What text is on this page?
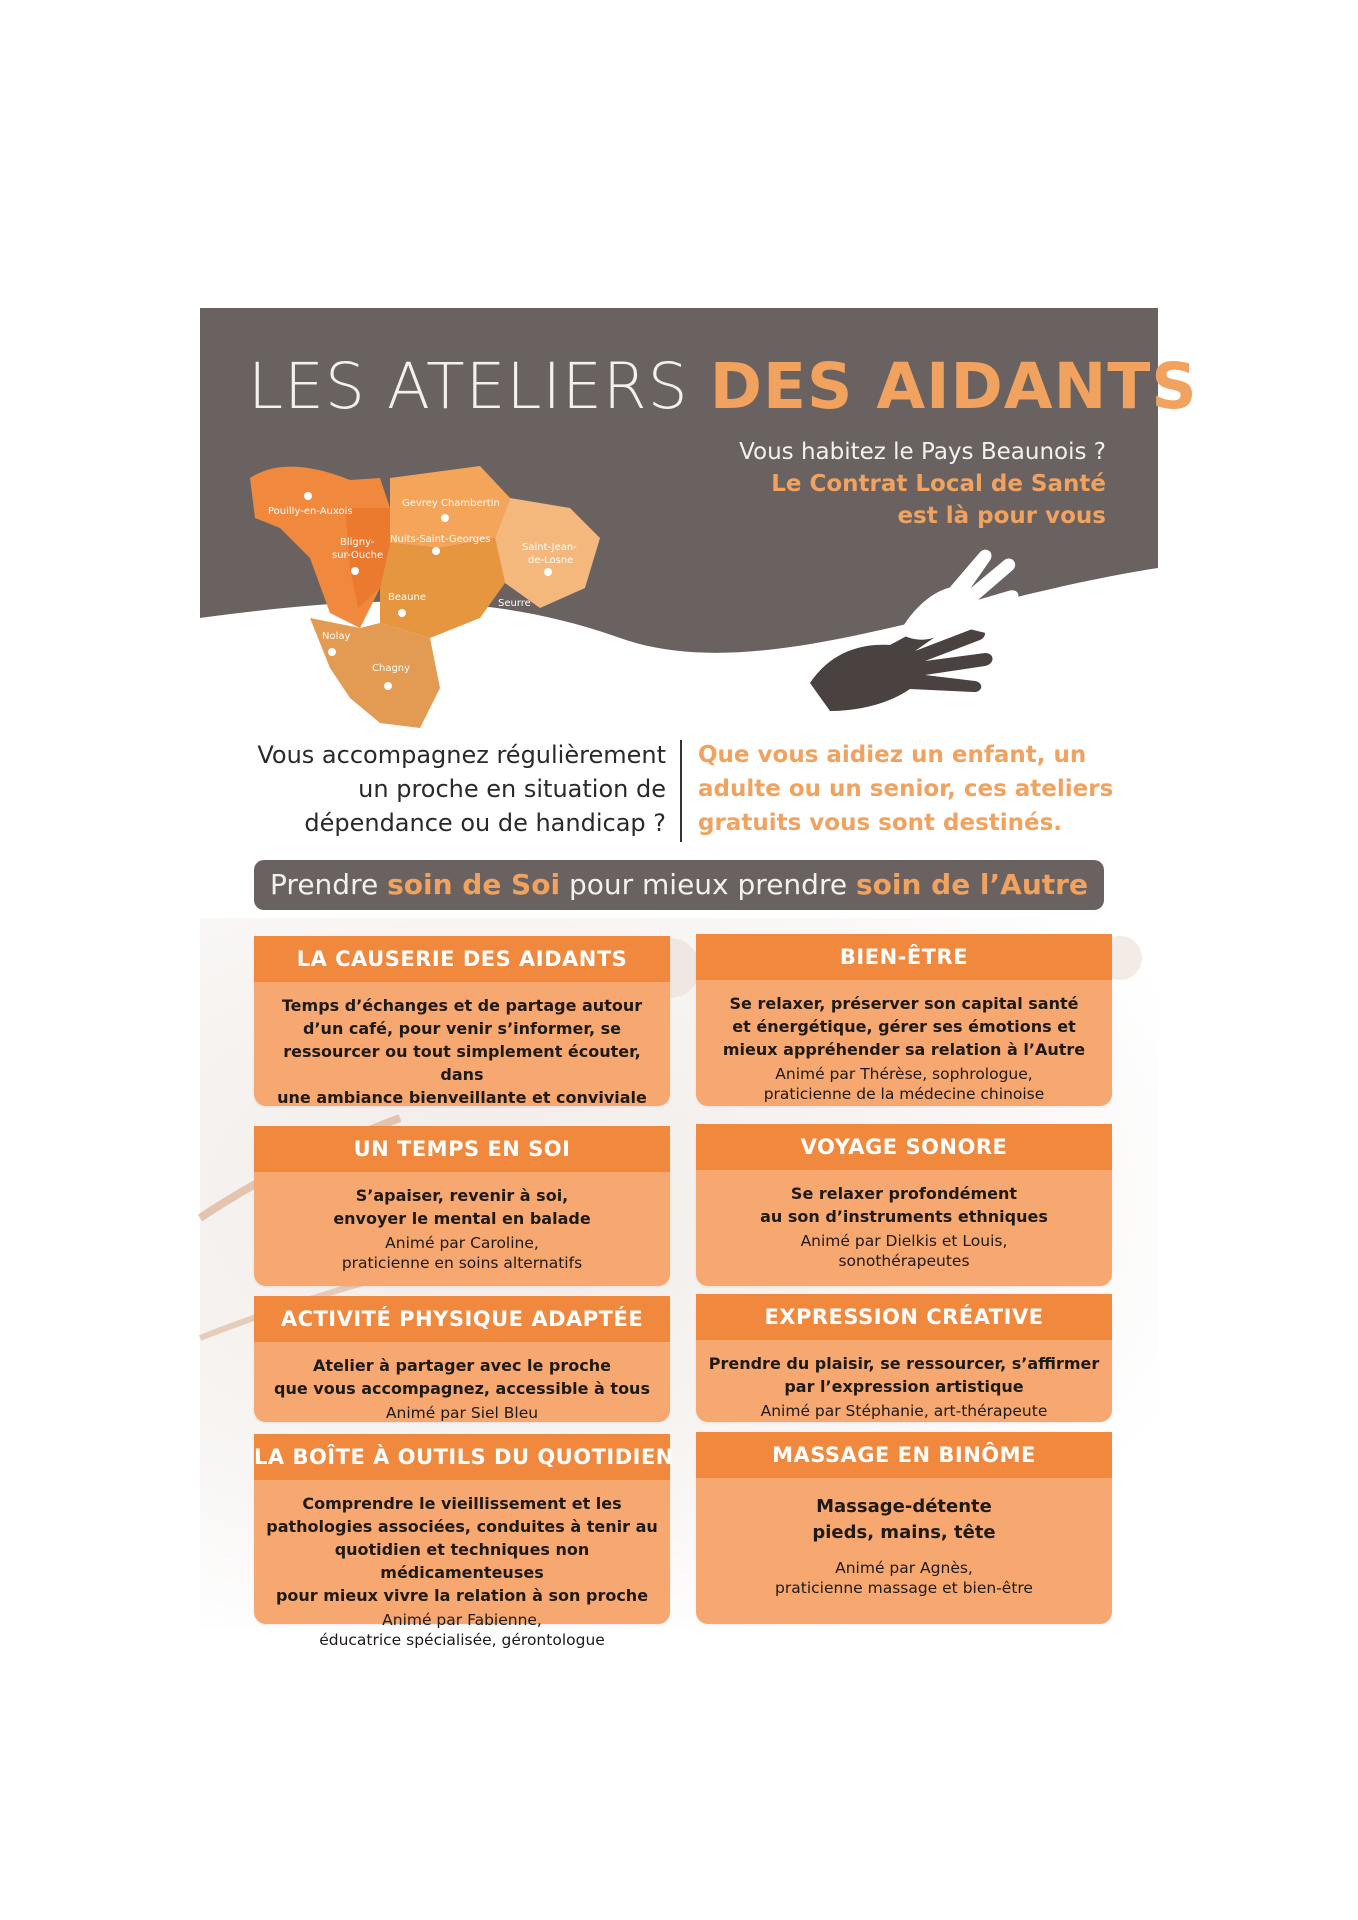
LES ATELIERS DES AIDANTS
Vous habitez le Pays Beaunois ?
Le Contrat Local de Santé
est là pour vous
Pouilly-en-Auxois
Gevrey Chambertin
Bligny-
sur-Ouche
Nuits-Saint-Georges
Saint-Jean-
de-Losne
Beaune
Seurre
Nolay
Chagny
Vous accompagnez régulièrement
un proche en situation de
dépendance ou de handicap ?
Que vous aidiez un enfant, un
adulte ou un senior, ces ateliers
gratuits vous sont destinés.
Prendre soin de Soi pour mieux prendre soin de l’Autre
LA CAUSERIE DES AIDANTS
Temps d’échanges et de partage autour
d’un café, pour venir s’informer, se
ressourcer ou tout simplement écouter, dans
une ambiance bienveillante et conviviale
BIEN-ÊTRE
Se relaxer, préserver son capital santé
et énergétique, gérer ses émotions et
mieux appréhender sa relation à l’Autre
Animé par Thérèse, sophrologue,
praticienne de la médecine chinoise
UN TEMPS EN SOI
S’apaiser, revenir à soi,
envoyer le mental en balade
Animé par Caroline,
praticienne en soins alternatifs
VOYAGE SONORE
Se relaxer profondément
au son d’instruments ethniques
Animé par Dielkis et Louis,
sonothérapeutes
ACTIVITÉ PHYSIQUE ADAPTÉE
Atelier à partager avec le proche
que vous accompagnez, accessible à tous
Animé par Siel Bleu
EXPRESSION CRÉATIVE
Prendre du plaisir, se ressourcer, s’affirmer
par l’expression artistique
Animé par Stéphanie, art-thérapeute
LA BOÎTE À OUTILS DU QUOTIDIEN
Comprendre le vieillissement et les
pathologies associées, conduites à tenir au
quotidien et techniques non médicamenteuses
pour mieux vivre la relation à son proche
Animé par Fabienne,
éducatrice spécialisée, gérontologue
MASSAGE EN BINÔME
Massage-détente
pieds, mains, tête
Animé par Agnès,
praticienne massage et bien-être
